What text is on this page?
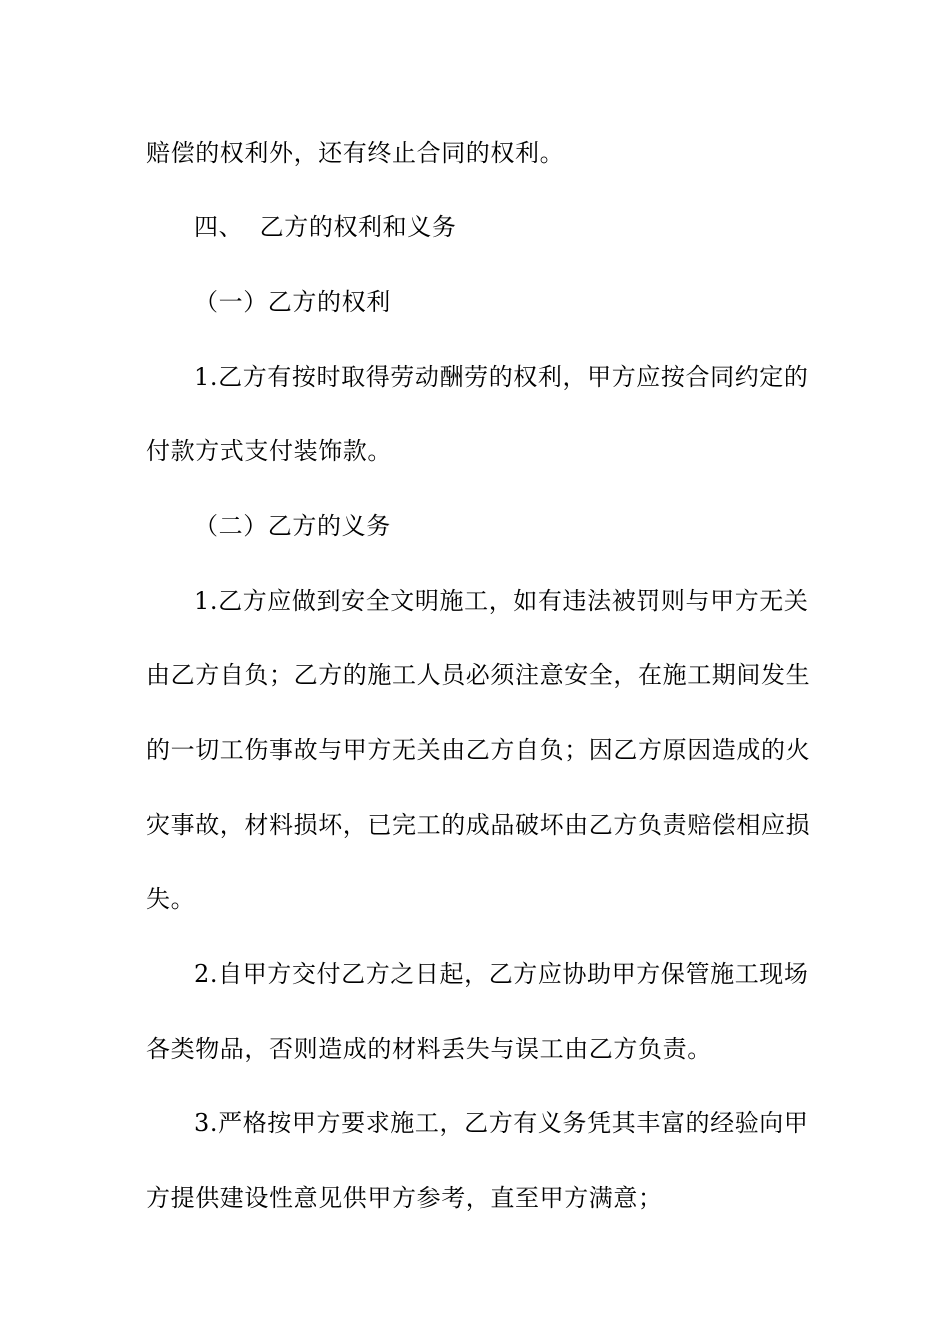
赔偿的权利外，还有终止合同的权利。
四、  乙方的权利和义务
（一）乙方的权利
1.乙方有按时取得劳动酬劳的权利，甲方应按合同约定的
付款方式支付装饰款。
（二）乙方的义务
1.乙方应做到安全文明施工，如有违法被罚则与甲方无关
由乙方自负；乙方的施工人员必须注意安全，在施工期间发生
的一切工伤事故与甲方无关由乙方自负；因乙方原因造成的火
灾事故，材料损坏，已完工的成品破坏由乙方负责赔偿相应损
失。
2.自甲方交付乙方之日起，乙方应协助甲方保管施工现场
各类物品，否则造成的材料丢失与误工由乙方负责。
3.严格按甲方要求施工，乙方有义务凭其丰富的经验向甲
方提供建设性意见供甲方参考，直至甲方满意；
